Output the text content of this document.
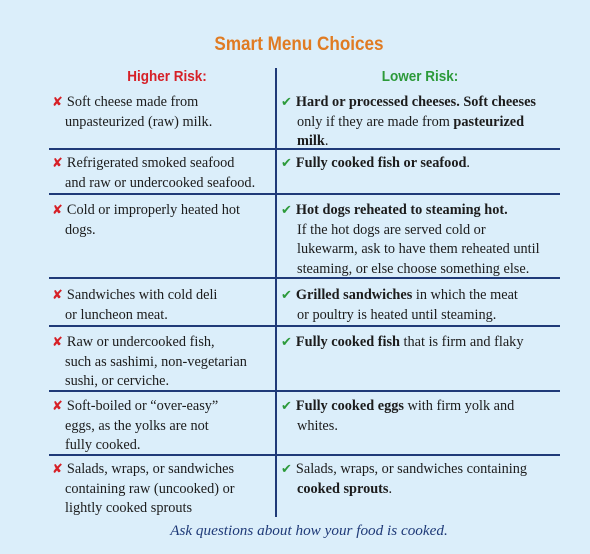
Smart Menu Choices
Higher Risk:	Lower Risk:
✘ Soft cheese made from
unpasteurized (raw) milk.
✔ Hard or processed cheeses. Soft cheeses
only if they are made from pasteurized
milk.
✘ Refrigerated smoked seafood
and raw or undercooked seafood.
✔ Fully cooked fish or seafood.
✘ Cold or improperly heated hot
dogs.
✔ Hot dogs reheated to steaming hot.
If the hot dogs are served cold or
lukewarm, ask to have them reheated until
steaming, or else choose something else.
✘ Sandwiches with cold deli
or luncheon meat.
✔ Grilled sandwiches in which the meat
or poultry is heated until steaming.
✘ Raw or undercooked fish,
such as sashimi, non-vegetarian
sushi, or cerviche.
✔ Fully cooked fish that is firm and flaky
✘ Soft-boiled or “over-easy”
eggs, as the yolks are not
fully cooked.
✔ Fully cooked eggs with firm yolk and
whites.
✘ Salads, wraps, or sandwiches
containing raw (uncooked) or
lightly cooked sprouts
✔ Salads, wraps, or sandwiches containing
cooked sprouts.
Ask questions about how your food is cooked.
